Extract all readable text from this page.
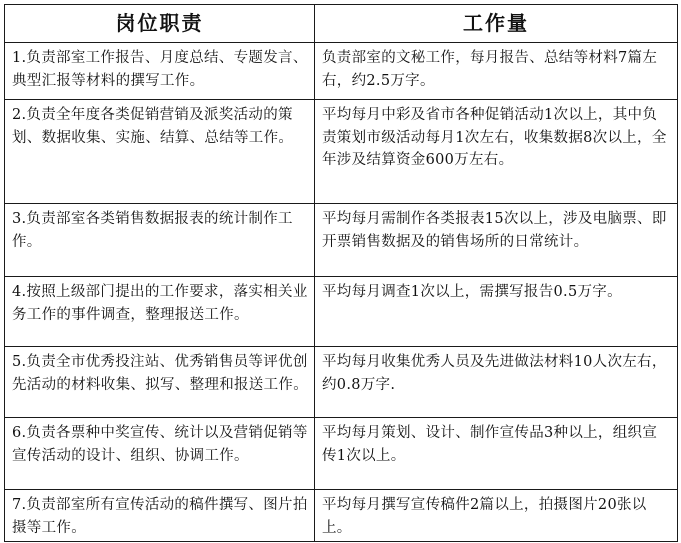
岗位职责	工作量
1.负责部室工作报告、月度总结、专题发言、典型汇报等材料的撰写工作。	负责部室的文秘工作，每月报告、总结等材料7篇左右，约2.5万字。
2.负责全年度各类促销营销及派奖活动的策划、数据收集、实施、结算、总结等工作。	平均每月中彩及省市各种促销活动1次以上，其中负责策划市级活动每月1次左右，收集数据8次以上，全年涉及结算资金600万左右。
3.负责部室各类销售数据报表的统计制作工作。	平均每月需制作各类报表15次以上，涉及电脑票、即开票销售数据及的销售场所的日常统计。
4.按照上级部门提出的工作要求，落实相关业务工作的事件调查，整理报送工作。	平均每月调查1次以上，需撰写报告0.5万字。
5.负责全市优秀投注站、优秀销售员等评优创先活动的材料收集、拟写、整理和报送工作。	平均每月收集优秀人员及先进做法材料10人次左右，约0.8万字.
6.负责各票种中奖宣传、统计以及营销促销等宣传活动的设计、组织、协调工作。	平均每月策划、设计、制作宣传品3种以上，组织宣传1次以上。
7.负责部室所有宣传活动的稿件撰写、图片拍摄等工作。	平均每月撰写宣传稿件2篇以上，拍摄图片20张以上。
